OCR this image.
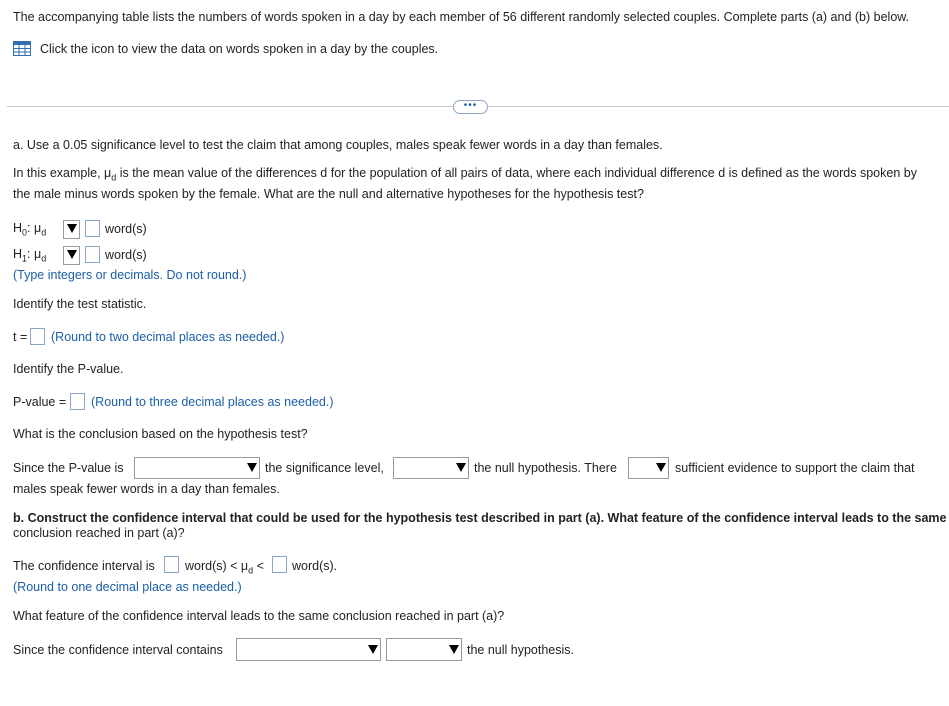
The accompanying table lists the numbers of words spoken in a day by each member of 56 different randomly selected couples. Complete parts (a) and (b) below.
Click the icon to view the data on words spoken in a day by the couples.
•••
a. Use a 0.05 significance level to test the claim that among couples, males speak fewer words in a day than females.
In this example, $\mu_d$ is the mean value of the differences d for the population of all pairs of data, where each individual difference d is defined as the words spoken by
the male minus words spoken by the female. What are the null and alternative hypotheses for the hypothesis test?
$H_0$: $\mu_d$	word(s)
$H_1$: $\mu_d$	word(s)
(Type integers or decimals. Do not round.)
Identify the test statistic.
t = (Round to two decimal places as needed.)
Identify the P-value.
P-value = (Round to three decimal places as needed.)
What is the conclusion based on the hypothesis test?
Since the P-value is	the significance level,	the null hypothesis. There	sufficient evidence to support the claim that
males speak fewer words in a day than females.
b. Construct the confidence interval that could be used for the hypothesis test described in part (a). What feature of the confidence interval leads to the same
conclusion reached in part (a)?
The confidence interval is word(s) < $\mu_d$ < word(s).
(Round to one decimal place as needed.)
What feature of the confidence interval leads to the same conclusion reached in part (a)?
Since the confidence interval contains	the null hypothesis.
